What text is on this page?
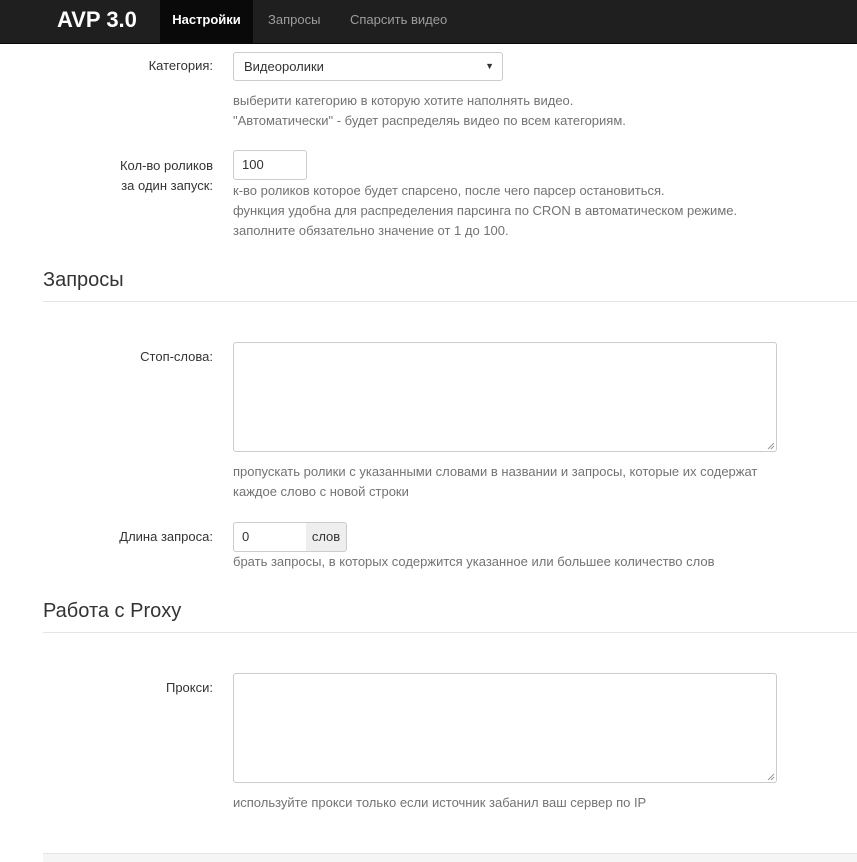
AVP 3.0	Настройки	Запросы Спарсить видео
Категория:	Видеоролики	▼
выберити категорию в которую хотите наполнять видео.
"Автоматически" - будет распределяь видео по всем категориям.
Кол-во роликов
за один запуск:
100
к-во роликов которое будет спарсено, после чего парсер остановиться.
функция удобна для распределения парсинга по CRON в автоматическом режиме.
заполните обязательно значение от 1 до 100.
Запросы
Стоп-слова:
пропускать ролики с указанными словами в названии и запросы, которые их содержат
каждое слово с новой строки
Длина запроса:	0	слов
брать запросы, в которых содержится указанное или большее количество слов
Работа с Proxy
Прокси:
используйте прокси только если источник забанил ваш сервер по IP
